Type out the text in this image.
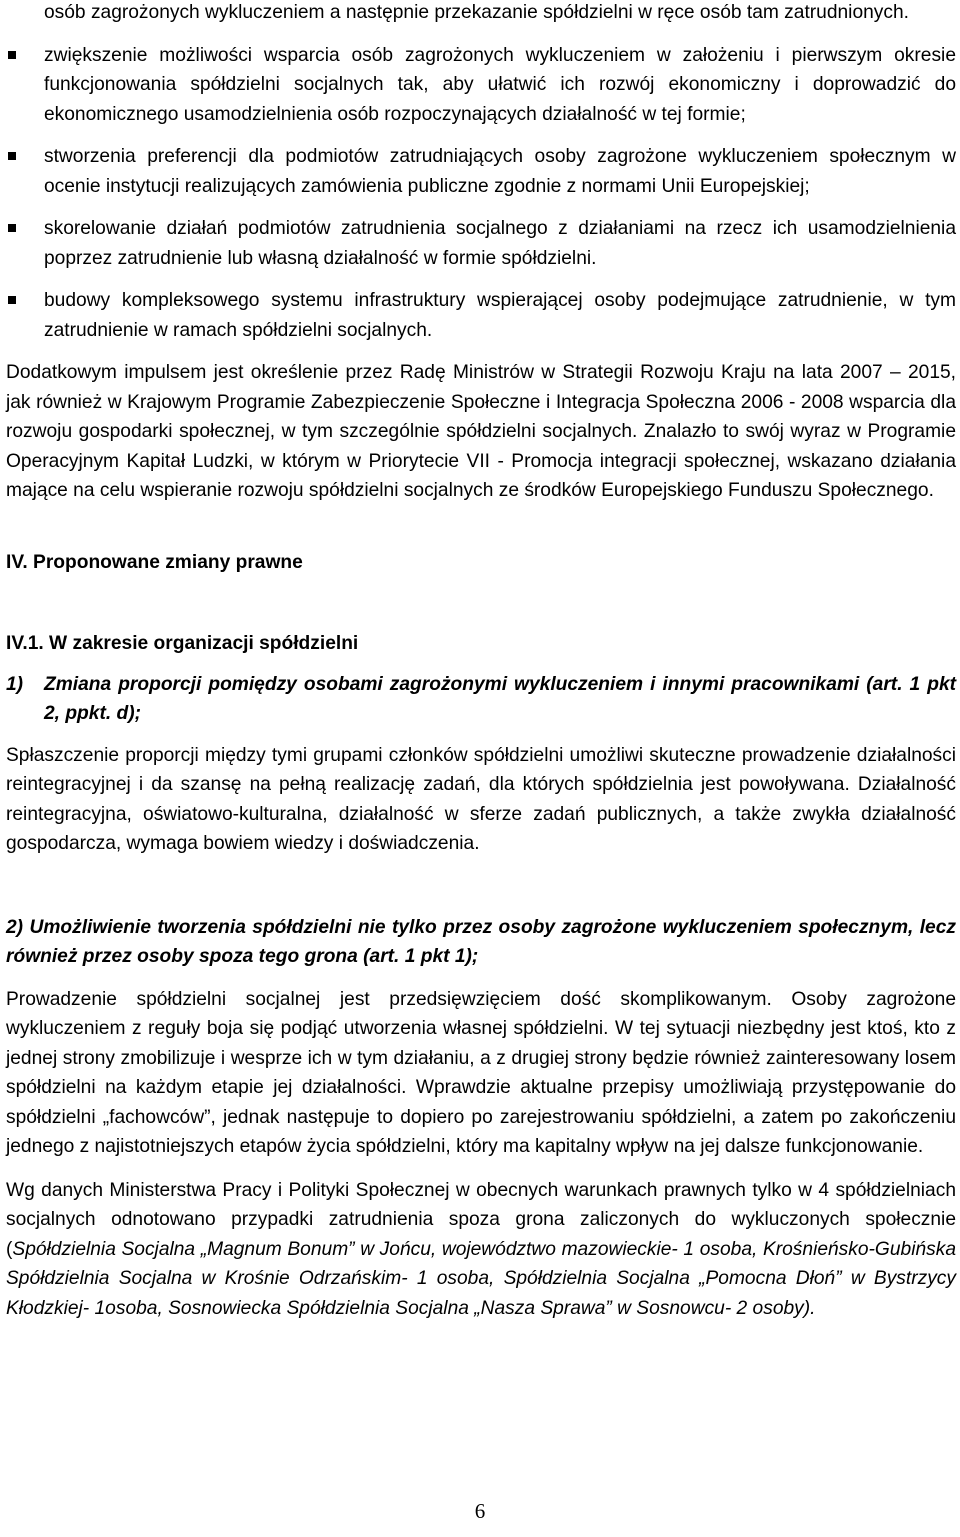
osób zagrożonych wykluczeniem a następnie przekazanie spółdzielni w ręce osób tam zatrudnionych.

zwiększenie możliwości wsparcia osób zagrożonych wykluczeniem w założeniu i pierwszym okresie funkcjonowania spółdzielni socjalnych tak, aby ułatwić ich rozwój ekonomiczny i doprowadzić do ekonomicznego usamodzielnienia osób rozpoczynających działalność w tej formie;
stworzenia preferencji dla podmiotów zatrudniających osoby zagrożone wykluczeniem społecznym w ocenie instytucji realizujących zamówienia publiczne zgodnie z normami Unii Europejskiej;
skorelowanie działań podmiotów zatrudnienia socjalnego z działaniami na rzecz ich usamodzielnienia poprzez zatrudnienie lub własną działalność w formie spółdzielni.
budowy kompleksowego systemu infrastruktury wspierającej osoby podejmujące zatrudnienie, w tym zatrudnienie w ramach spółdzielni socjalnych.

Dodatkowym impulsem jest określenie przez Radę Ministrów w Strategii Rozwoju Kraju na lata 2007 – 2015, jak również w Krajowym Programie Zabezpieczenie Społeczne i Integracja Społeczna 2006 - 2008 wsparcia dla rozwoju gospodarki społecznej, w tym szczególnie spółdzielni socjalnych. Znalazło to swój wyraz w Programie Operacyjnym Kapitał Ludzki, w którym w Priorytecie VII - Promocja integracji społecznej, wskazano działania mające na celu wspieranie rozwoju spółdzielni socjalnych ze środków Europejskiego Funduszu Społecznego.

IV. Proponowane zmiany prawne

IV.1. W zakresie organizacji spółdzielni

1)	Zmiana proporcji pomiędzy osobami zagrożonymi wykluczeniem i innymi pracownikami (art. 1 pkt 2, ppkt. d);

Spłaszczenie proporcji między tymi grupami członków spółdzielni umożliwi skuteczne prowadzenie działalności reintegracyjnej i da szansę na pełną realizację zadań, dla których spółdzielnia jest powoływana. Działalność reintegracyjna, oświatowo-kulturalna, działalność w sferze zadań publicznych, a także zwykła działalność gospodarcza, wymaga bowiem wiedzy i doświadczenia.

2) Umożliwienie tworzenia spółdzielni nie tylko przez osoby zagrożone wykluczeniem społecznym, lecz również przez osoby spoza tego grona (art. 1 pkt 1);

Prowadzenie spółdzielni socjalnej jest przedsięwzięciem dość skomplikowanym. Osoby zagrożone wykluczeniem z reguły boja się podjąć utworzenia własnej spółdzielni. W tej sytuacji niezbędny jest ktoś, kto z jednej strony zmobilizuje i wesprze ich w tym działaniu, a z drugiej strony będzie również zainteresowany losem spółdzielni na każdym etapie jej działalności. Wprawdzie aktualne przepisy umożliwiają przystępowanie do spółdzielni „fachowców”, jednak następuje to dopiero po zarejestrowaniu spółdzielni, a zatem po zakończeniu jednego z najistotniejszych etapów życia spółdzielni, który ma kapitalny wpływ na jej dalsze funkcjonowanie.

Wg danych Ministerstwa Pracy i Polityki Społecznej w obecnych warunkach prawnych tylko w 4 spółdzielniach socjalnych odnotowano przypadki zatrudnienia spoza grona zaliczonych do wykluczonych społecznie (Spółdzielnia Socjalna „Magnum Bonum” w Jońcu, województwo mazowieckie- 1 osoba, Krośnieńsko-Gubińska Spółdzielnia Socjalna w Krośnie Odrzańskim- 1 osoba, Spółdzielnia Socjalna „Pomocna Dłoń” w Bystrzycy Kłodzkiej- 1osoba, Sosnowiecka Spółdzielnia Socjalna „Nasza Sprawa” w Sosnowcu- 2 osoby).

6
